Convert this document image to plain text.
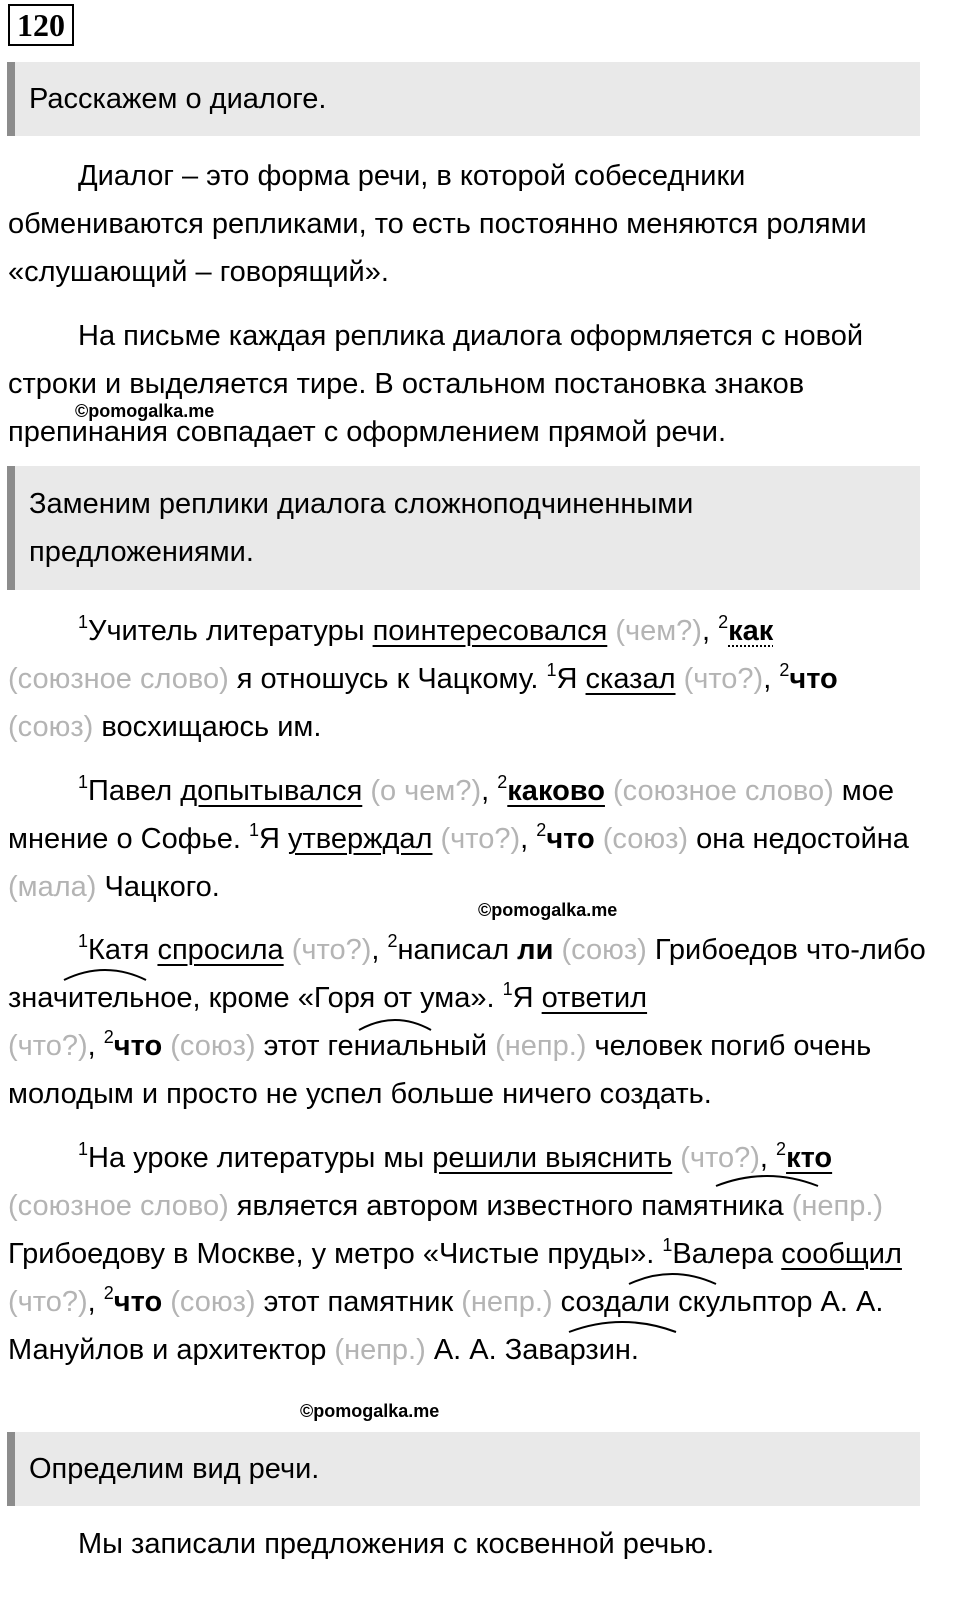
120
Расскажем о диалоге.
Диалог – это форма речи, в которой собеседники обмениваются репликами, то есть постоянно меняются ролями «слушающий – говорящий».
На письме каждая реплика диалога оформляется с новой строки и выделяется тире. В остальном постановка знаков препинания совпадает с оформлением прямой речи.
©pomogalka.me
Заменим реплики диалога сложноподчиненными предложениями.
$^1$Учитель литературы поинтересовался (чем?), $^2$как
(союзное слово) я отношусь к Чацкому. $^1$Я сказал (что?), $^2$что
(союз) восхищаюсь им.
$^1$Павел допытывался (о чем?), $^2$каково (союзное слово) мое мнение о Софье. $^1$Я утверждал (что?), $^2$что (союз) она недостойна (мала) Чацкого.
©pomogalka.me
$^1$Катя спросила (что?), $^2$написал ли (союз) Грибоедов что-либо значительное, кроме «Горя от ума». $^1$Я ответил
(что?), $^2$что (союз) этот гениальный (непр.) человек погиб очень молодым и просто не успел больше ничего создать.
$^1$На уроке литературы мы решили выяснить (что?), $^2$кто
(союзное слово) является автором известного памятника (непр.) Грибоедову в Москве, у метро «Чистые пруды». $^1$Валера сообщил (что?), $^2$что (союз) этот памятник (непр.) создали скульптор А. А. Мануйлов и архитектор (непр.) А. А. Заварзин.
©pomogalka.me
Определим вид речи.
Мы записали предложения с косвенной речью.
